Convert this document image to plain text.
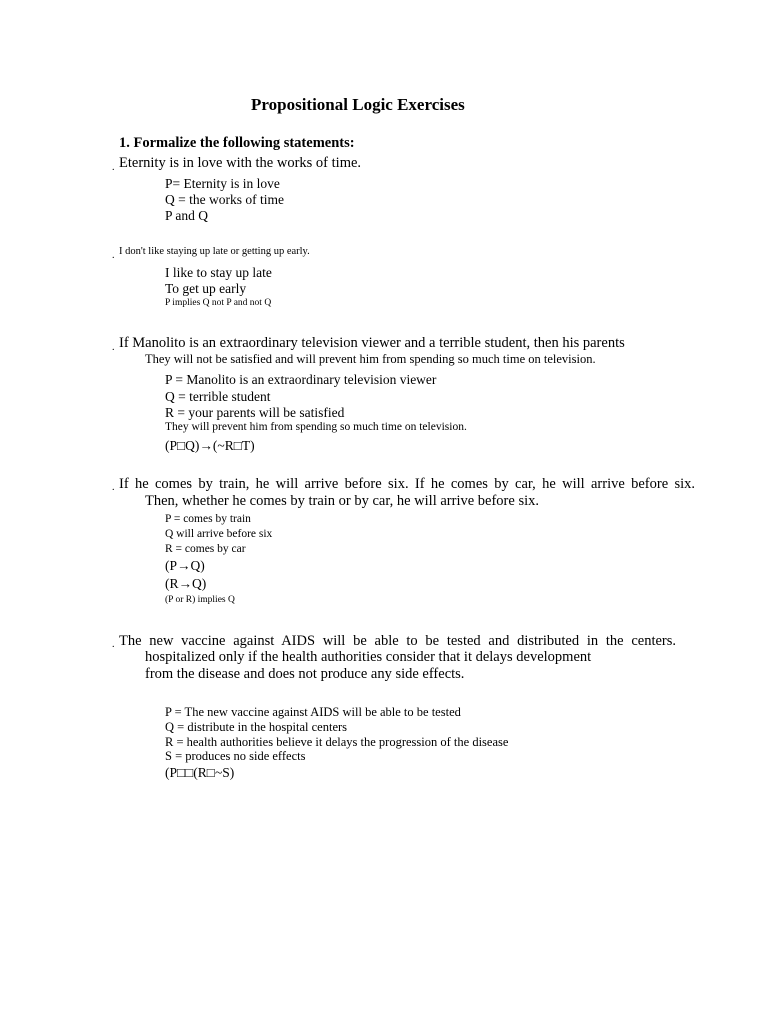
Propositional Logic Exercises
1. Formalize the following statements:
. Eternity is in love with the works of time.
P= Eternity is in love
Q = the works of time
P and Q
. I don't like staying up late or getting up early.
I like to stay up late
To get up early
P implies Q not P and not Q
. If Manolito is an extraordinary television viewer and a terrible student, then his parents
They will not be satisfied and will prevent him from spending so much time on television.
P = Manolito is an extraordinary television viewer
Q = terrible student
R = your parents will be satisfied
They will prevent him from spending so much time on television.
(P□Q)→(~R□T)
. If he comes by train, he will arrive before six. If he comes by car, he will arrive before six.
Then, whether he comes by train or by car, he will arrive before six.
P = comes by train
Q will arrive before six
R = comes by car
(P→Q)
(R→Q)
(P or R) implies Q
. The new vaccine against AIDS will be able to be tested and distributed in the centers.
hospitalized only if the health authorities consider that it delays development
from the disease and does not produce any side effects.
P = The new vaccine against AIDS will be able to be tested
Q = distribute in the hospital centers
R = health authorities believe it delays the progression of the disease
S = produces no side effects
(P□□(R□~S)
